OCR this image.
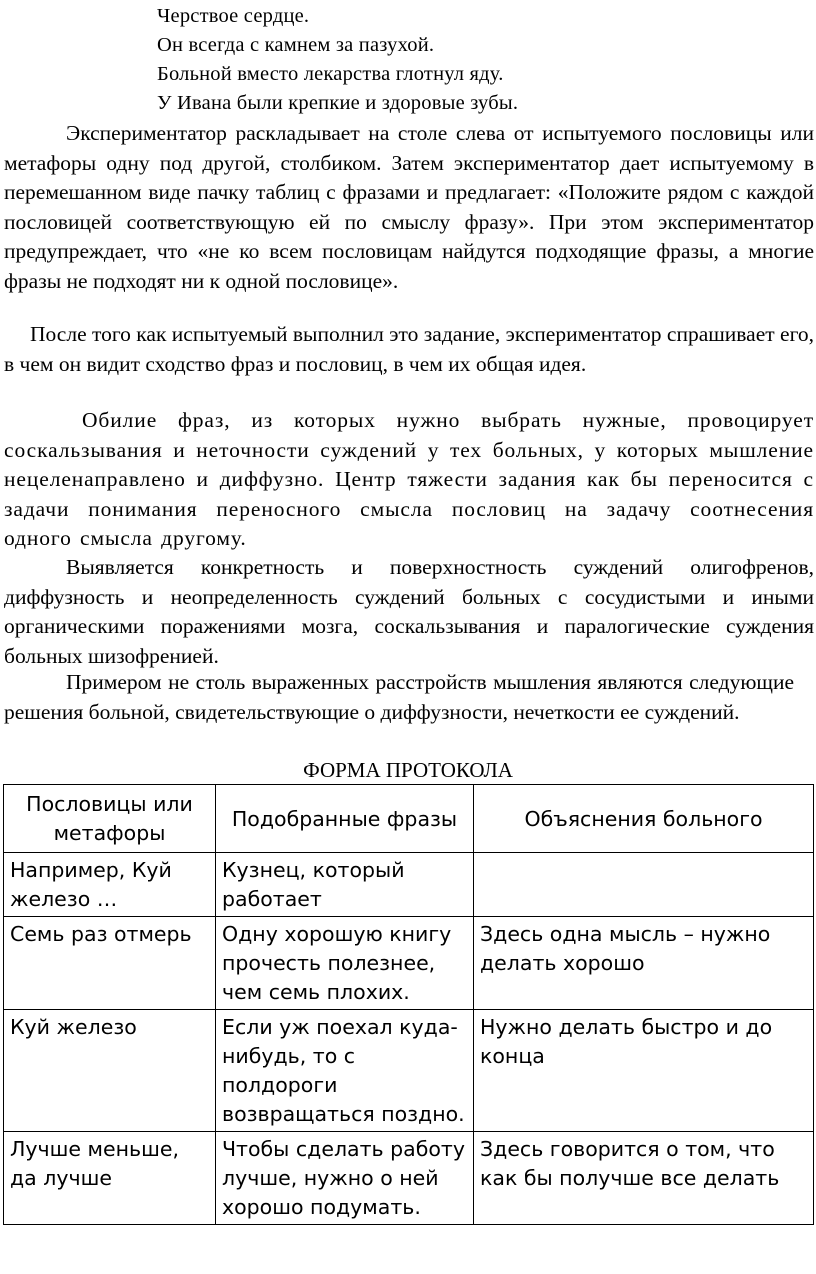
Черствое сердце.
Он всегда с камнем за пазухой.
Больной вместо лекарства глотнул яду.
У Ивана были крепкие и здоровые зубы.
Экспериментатор раскладывает на столе слева от испытуемого пословицы или метафоры одну под другой, столбиком. Затем экспериментатор дает испытуемому в перемешанном виде пачку таблиц с фразами и предлагает: «Положите рядом с каждой пословицей соответствующую ей по смыслу фразу». При этом экспериментатор предупреждает, что «не ко всем пословицам найдутся подходящие фразы, а многие фразы не подходят ни к одной пословице».
После того как испытуемый выполнил это задание, экспериментатор спрашивает его, в чем он видит сходство фраз и пословиц, в чем их общая идея.
Обилие фраз, из которых нужно выбрать нужные, провоцирует соскальзывания и неточности суждений у тех больных, у которых мышление нецеленаправлено и диффузно. Центр тяжести задания как бы переносится с задачи понимания переносного смысла пословиц на задачу соотнесения одного смысла другому.
Выявляется конкретность и поверхностность суждений олигофренов, диффузность и неопределенность суждений больных с сосудистыми и иными органическими поражениями мозга, соскальзывания и паралогические суждения больных шизофренией.
Примером не столь выраженных расстройств мышления являются следующие решения больной, свидетельствующие о диффузности, нечеткости ее суждений.
ФОРМА ПРОТОКОЛА
Пословицы или метафоры	Подобранные фразы	Объяснения больного
Например, Куй железо …	Кузнец, который работает	
Семь раз отмерь	Одну хорошую книгу прочесть полезнее, чем семь плохих.	Здесь одна мысль – нужно делать хорошо
Куй железо	Если уж поехал куда-нибудь, то с полдороги возвращаться поздно.	Нужно делать быстро и до конца
Лучше меньше, да лучше	Чтобы сделать работу лучше, нужно о ней хорошо подумать.	Здесь говорится о том, что как бы получше все делать
